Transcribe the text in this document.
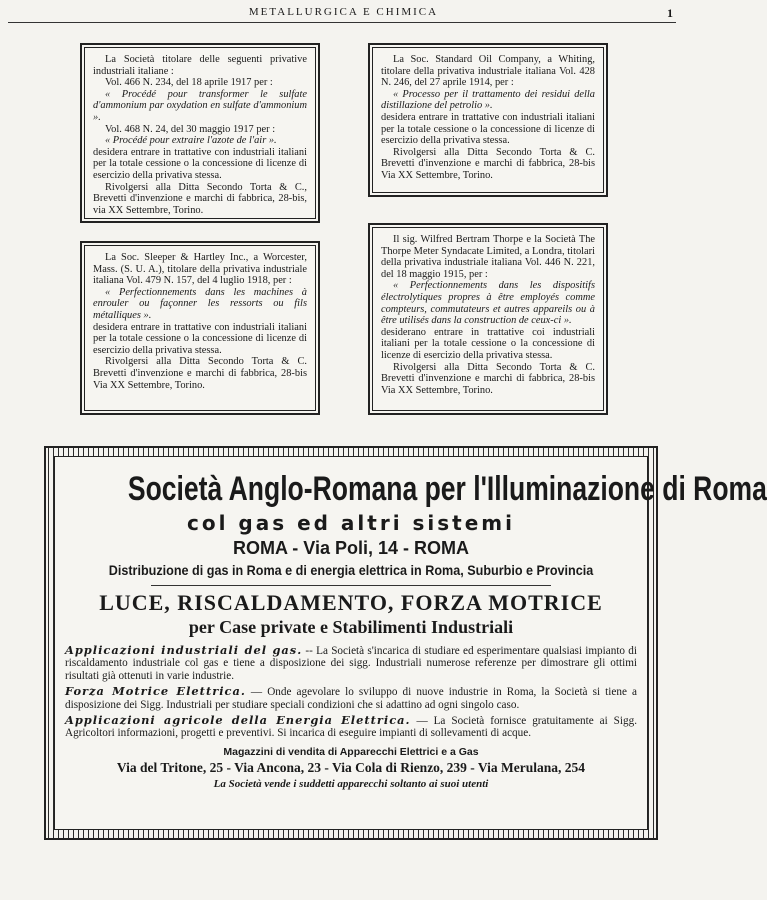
METALLURGICA E CHIMICA	1

La Società titolare delle seguenti privative industriali italiane :

Vol. 466 N. 234, del 18 aprile 1917 per :

« Procédé pour transformer le sulfate d'ammonium par oxydation en sulfate d'ammonium ».

Vol. 468 N. 24, del 30 maggio 1917 per :

« Procédé pour extraire l'azote de l'air ».

desidera entrare in trattative con industriali italiani per la totale cessione o la concessione di licenze di esercizio della privativa stessa.

Rivolgersi alla Ditta Secondo Torta & C., Brevetti d'invenzione e marchi di fabbrica, 28-bis, via XX Settembre, Torino.

La Soc. Standard Oil Company, a Whiting, titolare della privativa industriale italiana Vol. 428 N. 246, del 27 aprile 1914, per :

« Processo per il trattamento dei residui della distillazione del petrolio ».

desidera entrare in trattative con industriali italiani per la totale cessione o la concessione di licenze di esercizio della privativa stessa.

Rivolgersi alla Ditta Secondo Torta & C. Brevetti d'invenzione e marchi di fabbrica, 28-bis Via XX Settembre, Torino.

La Soc. Sleeper & Hartley Inc., a Worcester, Mass. (S. U. A.), titolare della privativa industriale italiana Vol. 479 N. 157, del 4 luglio 1918, per :

« Perfectionnements dans les machines à enrouler ou façonner les ressorts ou fils métalliques ».

desidera entrare in trattative con industriali italiani per la totale cessione o la concessione di licenze di esercizio della privativa stessa.

Rivolgersi alla Ditta Secondo Torta & C. Brevetti d'invenzione e marchi di fabbrica, 28-bis Via XX Settembre, Torino.

Il sig. Wilfred Bertram Thorpe e la Società The Thorpe Meter Syndacate Limited, a Londra, titolari della privativa industriale italiana Vol. 446 N. 221, del 18 maggio 1915, per :

« Perfectionnements dans les dispositifs électrolytiques propres à être employés comme compteurs, commutateurs et autres appareils ou à être utilisés dans la construction de ceux-ci ».

desiderano entrare in trattative coi industriali italiani per la totale cessione o la concessione di licenze di esercizio della privativa stessa.

Rivolgersi alla Ditta Secondo Torta & C. Brevetti d'invenzione e marchi di fabbrica, 28-bis Via XX Settembre, Torino.

Società Anglo-Romana per l'Illuminazione di Roma
col gas ed altri sistemi
ROMA - Via Poli, 14 - ROMA
Distribuzione di gas in Roma e di energia elettrica in Roma, Suburbio e Provincia
LUCE, RISCALDAMENTO, FORZA MOTRICE
per Case private e Stabilimenti Industriali

Applicazioni industriali del gas. -- La Società s'incarica di studiare ed esperimentare qualsiasi impianto di riscaldamento industriale col gas e tiene a disposizione dei sigg. Industriali numerose referenze per dimostrare gli ottimi risultati già ottenuti in varie industrie.

Forza Motrice Elettrica. — Onde agevolare lo sviluppo di nuove industrie in Roma, la Società si tiene a disposizione dei Sigg. Industriali per studiare speciali condizioni che si adattino ad ogni singolo caso.

Applicazioni agricole della Energia Elettrica. — La Società fornisce gratuitamente ai Sigg. Agricoltori informazioni, progetti e preventivi. Si incarica di eseguire impianti di sollevamenti di acque.

Magazzini di vendita di Apparecchi Elettrici e a Gas
Via del Tritone, 25 - Via Ancona, 23 - Via Cola di Rienzo, 239 - Via Merulana, 254
La Società vende i suddetti apparecchi soltanto ai suoi utenti
